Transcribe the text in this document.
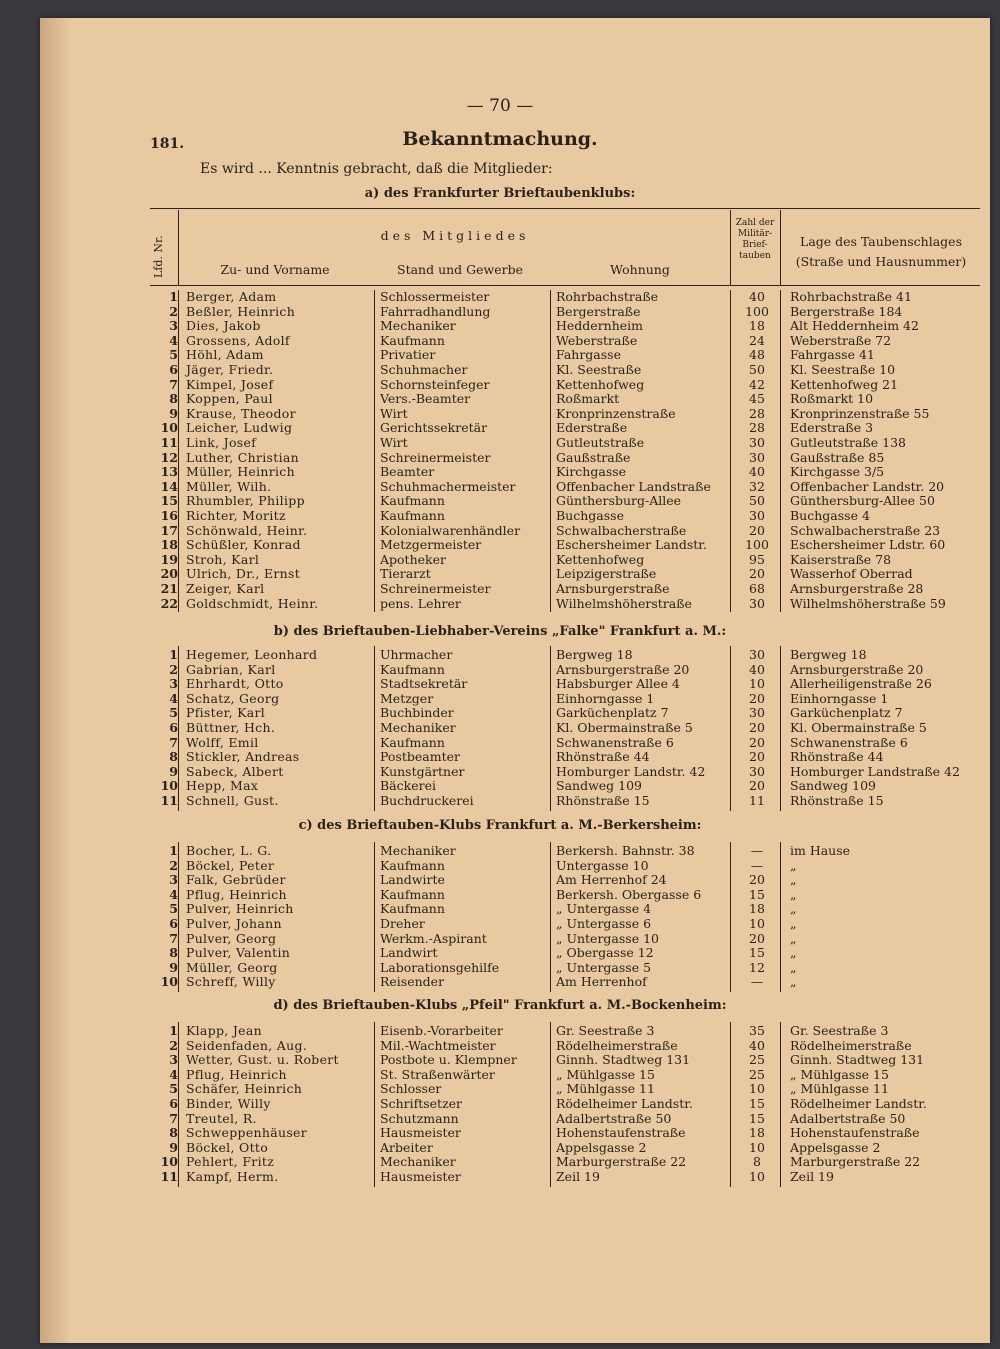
— 70 —
181.	Bekanntmachung.
Es wird ... Kenntnis gebracht, daß die Mitglieder:
Lfd. Nr.	des Mitgliedes
Zu- und Vorname	Stand und Gewerbe	Wohnung
Zahl der Militär-Brief-tauben
Lage des Taubenschlages (Straße und Hausnummer)
a) des Frankfurter Brieftaubenklubs:
b) des Brieftauben-Liebhaber-Vereins „Falke" Frankfurt a. M.:
c) des Brieftauben-Klubs Frankfurt a. M.-Berkersheim:
d) des Brieftauben-Klubs „Pfeil" Frankfurt a. M.-Bockenheim:
1 Berger, Adam	Schlossermeister	Rohrbachstraße	40	Rohrbachstraße 41
2 Beßler, Heinrich	Fahrradhandlung	Bergerstraße	100	Bergerstraße 184
3 Dies, Jakob	Mechaniker	Heddernheim	18	Alt Heddernheim 42
4 Grossens, Adolf	Kaufmann	Weberstraße	24	Weberstraße 72
5 Höhl, Adam	Privatier	Fahrgasse	48	Fahrgasse 41
6 Jäger, Friedr.	Schuhmacher	Kl. Seestraße	50	Kl. Seestraße 10
7 Kimpel, Josef	Schornsteinfeger	Kettenhofweg	42	Kettenhofweg 21
8 Koppen, Paul	Vers.-Beamter	Roßmarkt	45	Roßmarkt 10
9 Krause, Theodor	Wirt	Kronprinzenstraße	28	Kronprinzenstraße 55
10 Leicher, Ludwig	Gerichtssekretär	Ederstraße	28	Ederstraße 3
11 Link, Josef	Wirt	Gutleutstraße	30	Gutleutstraße 138
12 Luther, Christian	Schreinermeister	Gaußstraße	30	Gaußstraße 85
13 Müller, Heinrich	Beamter	Kirchgasse	40	Kirchgasse 3/5
14 Müller, Wilh.	Schuhmachermeister	Offenbacher Landstraße	32	Offenbacher Landstr. 20
15 Rhumbler, Philipp	Kaufmann	Günthersburg-Allee	50	Günthersburg-Allee 50
16 Richter, Moritz	Kaufmann	Buchgasse	30	Buchgasse 4
17 Schönwald, Heinr.	Kolonialwarenhändler	Schwalbacherstraße	20	Schwalbacherstraße 23
18 Schüßler, Konrad	Metzgermeister	Eschersheimer Landstr.	100	Eschersheimer Ldstr. 60
19 Stroh, Karl	Apotheker	Kettenhofweg	95	Kaiserstraße 78
20 Ulrich, Dr., Ernst	Tierarzt	Leipzigerstraße	20	Wasserhof Oberrad
21 Zeiger, Karl	Schreinermeister	Arnsburgerstraße	68	Arnsburgerstraße 28
22 Goldschmidt, Heinr.	pens. Lehrer	Wilhelmshöherstraße	30	Wilhelmshöherstraße 59
1 Hegemer, Leonhard	Uhrmacher	Bergweg 18	30	Bergweg 18
2 Gabrian, Karl	Kaufmann	Arnsburgerstraße 20	40	Arnsburgerstraße 20
3 Ehrhardt, Otto	Stadtsekretär	Habsburger Allee 4	10	Allerheiligenstraße 26
4 Schatz, Georg	Metzger	Einhorngasse 1	20	Einhorngasse 1
5 Pfister, Karl	Buchbinder	Garküchenplatz 7	30	Garküchenplatz 7
6 Büttner, Hch.	Mechaniker	Kl. Obermainstraße 5	20	Kl. Obermainstraße 5
7 Wolff, Emil	Kaufmann	Schwanenstraße 6	20	Schwanenstraße 6
8 Stickler, Andreas	Postbeamter	Rhönstraße 44	20	Rhönstraße 44
9 Sabeck, Albert	Kunstgärtner	Homburger Landstr. 42	30	Homburger Landstraße 42
10 Hepp, Max	Bäckerei	Sandweg 109	20	Sandweg 109
11 Schnell, Gust.	Buchdruckerei	Rhönstraße 15	11	Rhönstraße 15
1 Bocher, L. G.	Mechaniker	Berkersh. Bahnstr. 38	—	im Hause
2 Böckel, Peter	Kaufmann	Untergasse 10	—	„
3 Falk, Gebrüder	Landwirte	Am Herrenhof 24	20	„
4 Pflug, Heinrich	Kaufmann	Berkersh. Obergasse 6	15	„
5 Pulver, Heinrich	Kaufmann	„ Untergasse 4	18	„
6 Pulver, Johann	Dreher	„ Untergasse 6	10	„
7 Pulver, Georg	Werkm.-Aspirant	„ Untergasse 10	20	„
8 Pulver, Valentin	Landwirt	„ Obergasse 12	15	„
9 Müller, Georg	Laborationsgehilfe	„ Untergasse 5	12	„
10 Schreff, Willy	Reisender	Am Herrenhof	—	„
1 Klapp, Jean	Eisenb.-Vorarbeiter	Gr. Seestraße 3	35	Gr. Seestraße 3
2 Seidenfaden, Aug.	Mil.-Wachtmeister	Rödelheimerstraße	40	Rödelheimerstraße
3 Wetter, Gust. u. Robert	Postbote u. Klempner	Ginnh. Stadtweg 131	25	Ginnh. Stadtweg 131
4 Pflug, Heinrich	St. Straßenwärter	„ Mühlgasse 15	25	„ Mühlgasse 15
5 Schäfer, Heinrich	Schlosser	„ Mühlgasse 11	10	„ Mühlgasse 11
6 Binder, Willy	Schriftsetzer	Rödelheimer Landstr.	15	Rödelheimer Landstr.
7 Treutel, R.	Schutzmann	Adalbertstraße 50	15	Adalbertstraße 50
8 Schweppenhäuser	Hausmeister	Hohenstaufenstraße	18	Hohenstaufenstraße
9 Böckel, Otto	Arbeiter	Appelsgasse 2	10	Appelsgasse 2
10 Pehlert, Fritz	Mechaniker	Marburgerstraße 22	8	Marburgerstraße 22
11 Kampf, Herm.	Hausmeister	Zeil 19	10	Zeil 19
